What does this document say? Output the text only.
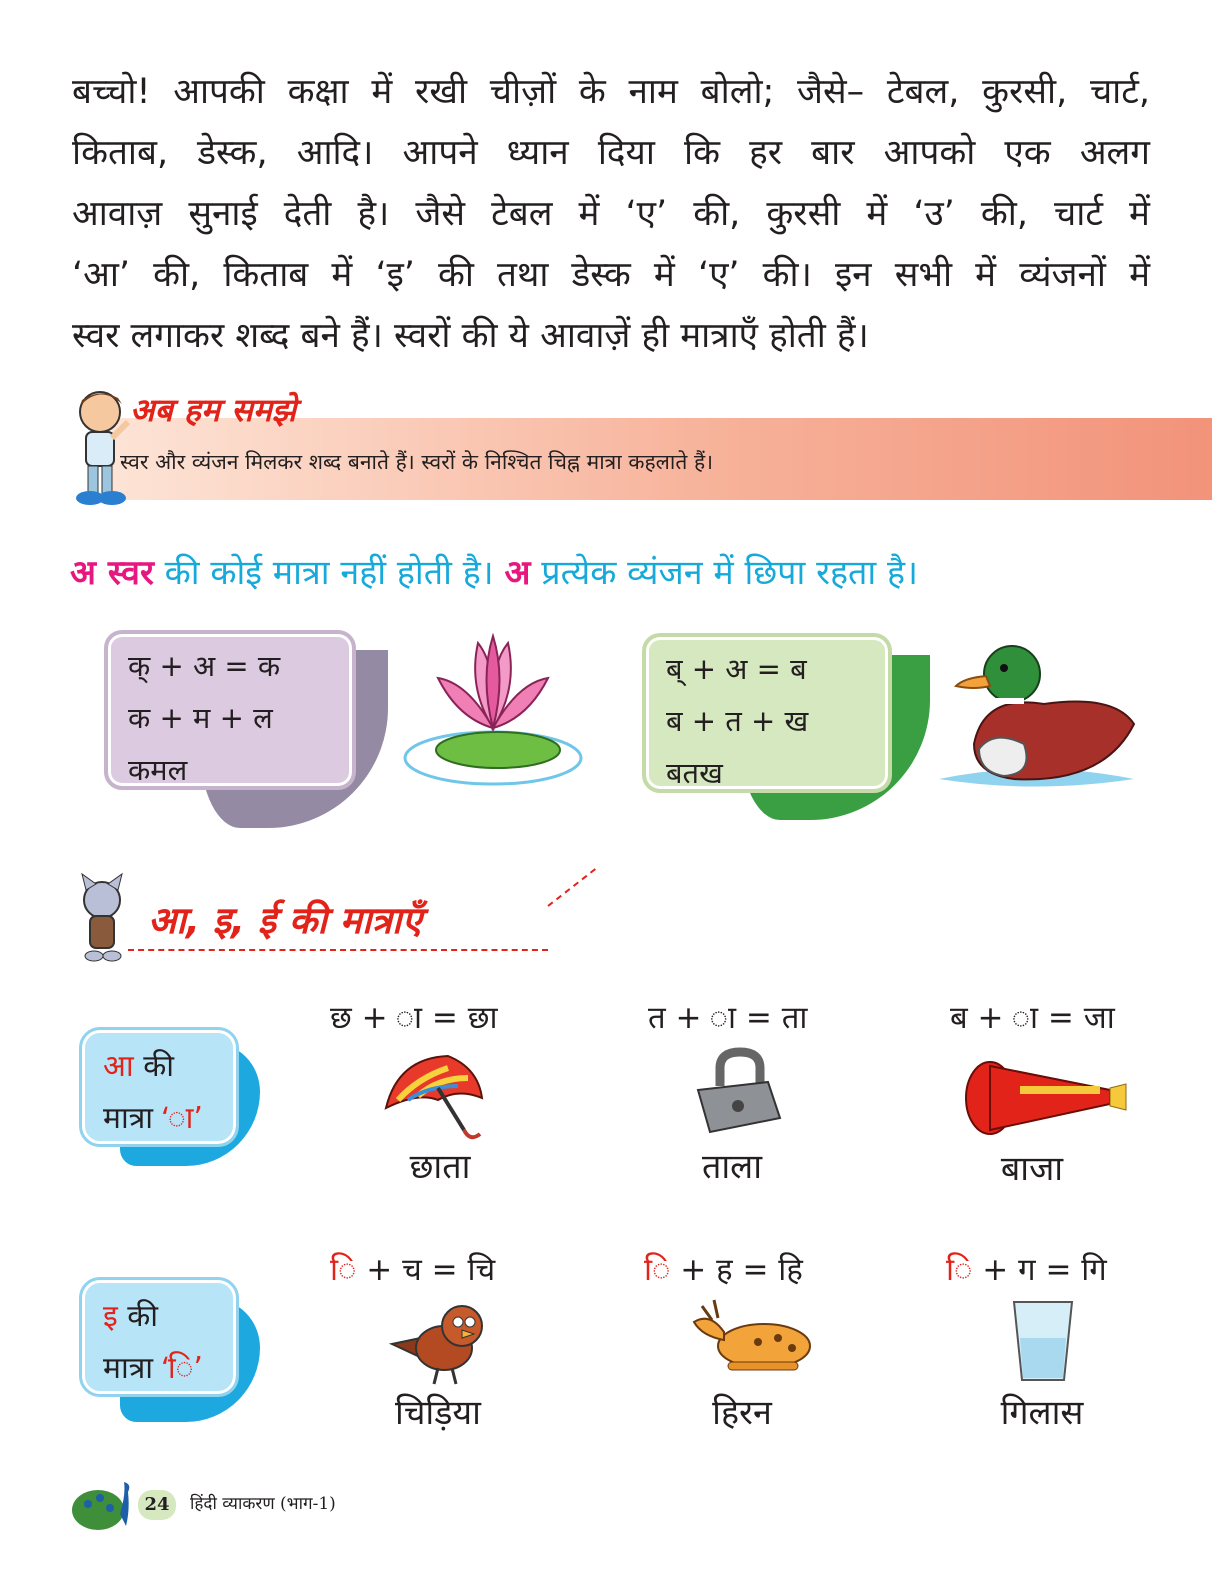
बच्चो! आपकी कक्षा में रखी चीज़ों के नाम बोलो; जैसे– टेबल, कुरसी, चार्ट,
किताब, डेस्क, आदि। आपने ध्यान दिया कि हर बार आपको एक अलग
आवाज़ सुनाई देती है। जैसे टेबल में ‘ए’ की, कुरसी में ‘उ’ की, चार्ट में
‘आ’ की, किताब में ‘इ’ की तथा डेस्क में ‘ए’ की। इन सभी में व्यंजनों में
स्वर लगाकर शब्द बने हैं। स्वरों की ये आवाज़ें ही मात्राएँ होती हैं।
अब हम समझे
स्वर और व्यंजन मिलकर शब्द बनाते हैं। स्वरों के निश्चित चिह्न मात्रा कहलाते हैं।
अ स्वर की कोई मात्रा नहीं होती है। अ प्रत्येक व्यंजन में छिपा रहता है।
क् + अ = क
क + म + ल
कमल
ब् + अ = ब
ब + त + ख
बतख
आ, इ, ई की मात्राएँ
आ की
मात्रा ‘ा’
छ + = छा	त + = ता	ब + = जा
छाता	ताला	बाजा
इ की
मात्रा ‘ि’
ि + च = चि	ि + ह = हि	ि + ग = गि
चिड़िया	हिरन	गिलास
24	हिंदी व्याकरण (भाग-1)
